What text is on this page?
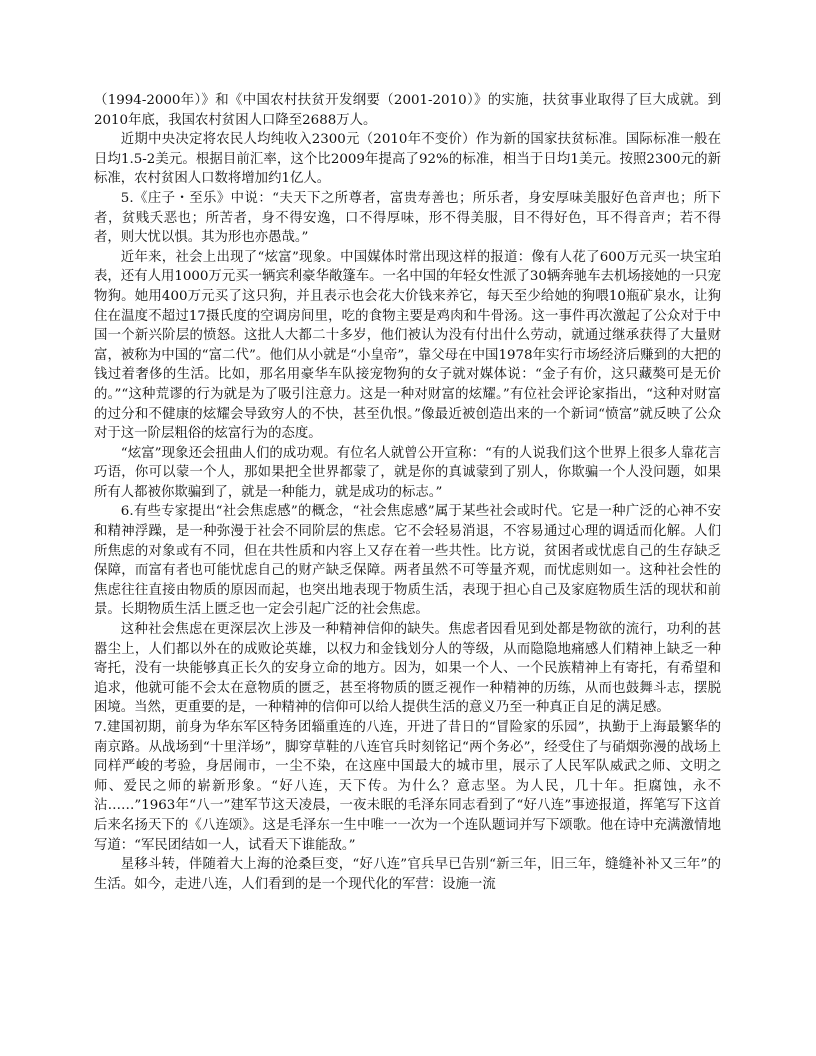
（1994-2000年）》和《中国农村扶贫开发纲要（2001-2010）》的实施，扶贫事业取得了巨大成就。到2010年底，我国农村贫困人口降至2688万人。

近期中央决定将农民人均纯收入2300元（2010年不变价）作为新的国家扶贫标准。国际标准一般在日均1.5-2美元。根据目前汇率，这个比2009年提高了92%的标准，相当于日均1美元。按照2300元的新标准，农村贫困人口数将增加约1亿人。

5.《庄子・至乐》中说：“夫天下之所尊者，富贵寿善也；所乐者，身安厚味美服好色音声也；所下者，贫贱夭恶也；所苦者，身不得安逸，口不得厚味，形不得美服，目不得好色，耳不得音声；若不得者，则大忧以惧。其为形也亦愚哉。”

近年来，社会上出现了“炫富”现象。中国媒体时常出现这样的报道：像有人花了600万元买一块宝珀表，还有人用1000万元买一辆宾利豪华敞篷车。一名中国的年轻女性派了30辆奔驰车去机场接她的一只宠物狗。她用400万元买了这只狗，并且表示也会花大价钱来养它，每天至少给她的狗喂10瓶矿泉水，让狗住在温度不超过17摄氏度的空调房间里，吃的食物主要是鸡肉和牛骨汤。这一事件再次激起了公众对于中国一个新兴阶层的愤怒。这批人大都二十多岁，他们被认为没有付出什么劳动，就通过继承获得了大量财富，被称为中国的“富二代”。他们从小就是“小皇帝”，靠父母在中国1978年实行市场经济后赚到的大把的钱过着奢侈的生活。比如，那名用豪华车队接宠物狗的女子就对媒体说：“金子有价，这只藏獒可是无价的。”“这种荒谬的行为就是为了吸引注意力。这是一种对财富的炫耀。”有位社会评论家指出，“这种对财富的过分和不健康的炫耀会导致穷人的不快，甚至仇恨。”像最近被创造出来的一个新词“愤富”就反映了公众对于这一阶层粗俗的炫富行为的态度。

“炫富”现象还会扭曲人们的成功观。有位名人就曾公开宣称：“有的人说我们这个世界上很多人靠花言巧语，你可以蒙一个人，那如果把全世界都蒙了，就是你的真诚蒙到了别人，你欺骗一个人没问题，如果所有人都被你欺骗到了，就是一种能力，就是成功的标志。”

6.有些专家提出“社会焦虑感”的概念，“社会焦虑感”属于某些社会或时代。它是一种广泛的心神不安和精神浮躁，是一种弥漫于社会不同阶层的焦虑。它不会轻易消退，不容易通过心理的调适而化解。人们所焦虑的对象或有不同，但在共性质和内容上又存在着一些共性。比方说，贫困者或忧虑自己的生存缺乏保障，而富有者也可能忧虑自己的财产缺乏保障。两者虽然不可等量齐观，而忧虑则如一。这种社会性的焦虑往往直接由物质的原因而起，也突出地表现于物质生活，表现于担心自己及家庭物质生活的现状和前景。长期物质生活上匮乏也一定会引起广泛的社会焦虑。

这种社会焦虑在更深层次上涉及一种精神信仰的缺失。焦虑者因看见到处都是物欲的流行，功利的甚嚣尘上，人们都以外在的成败论英雄，以权力和金钱划分人的等级，从而隐隐地痛感人们精神上缺乏一种寄托，没有一块能够真正长久的安身立命的地方。因为，如果一个人、一个民族精神上有寄托，有希望和追求，他就可能不会太在意物质的匮乏，甚至将物质的匮乏视作一种精神的历练，从而也鼓舞斗志，摆脱困境。当然，更重要的是，一种精神的信仰可以给人提供生活的意义乃至一种真正自足的满足感。

7.建国初期，前身为华东军区特务团辎重连的八连，开进了昔日的“冒险家的乐园”，执勤于上海最繁华的南京路。从战场到“十里洋场”，脚穿草鞋的八连官兵时刻铭记“两个务必”，经受住了与硝烟弥漫的战场上同样严峻的考验，身居闹市，一尘不染，在这座中国最大的城市里，展示了人民军队威武之师、文明之师、爱民之师的崭新形象。“好八连，天下传。为什么？意志坚。为人民，几十年。拒腐蚀，永不沾……”1963年“八一”建军节这天凌晨，一夜未眠的毛泽东同志看到了“好八连”事迹报道，挥笔写下这首后来名扬天下的《八连颂》。这是毛泽东一生中唯一一次为一个连队题词并写下颂歌。他在诗中充满激情地写道：“军民团结如一人，试看天下谁能敌。”

星移斗转，伴随着大上海的沧桑巨变，“好八连”官兵早已告别“新三年，旧三年，缝缝补补又三年”的生活。如今，走进八连，人们看到的是一个现代化的军营：设施一流
